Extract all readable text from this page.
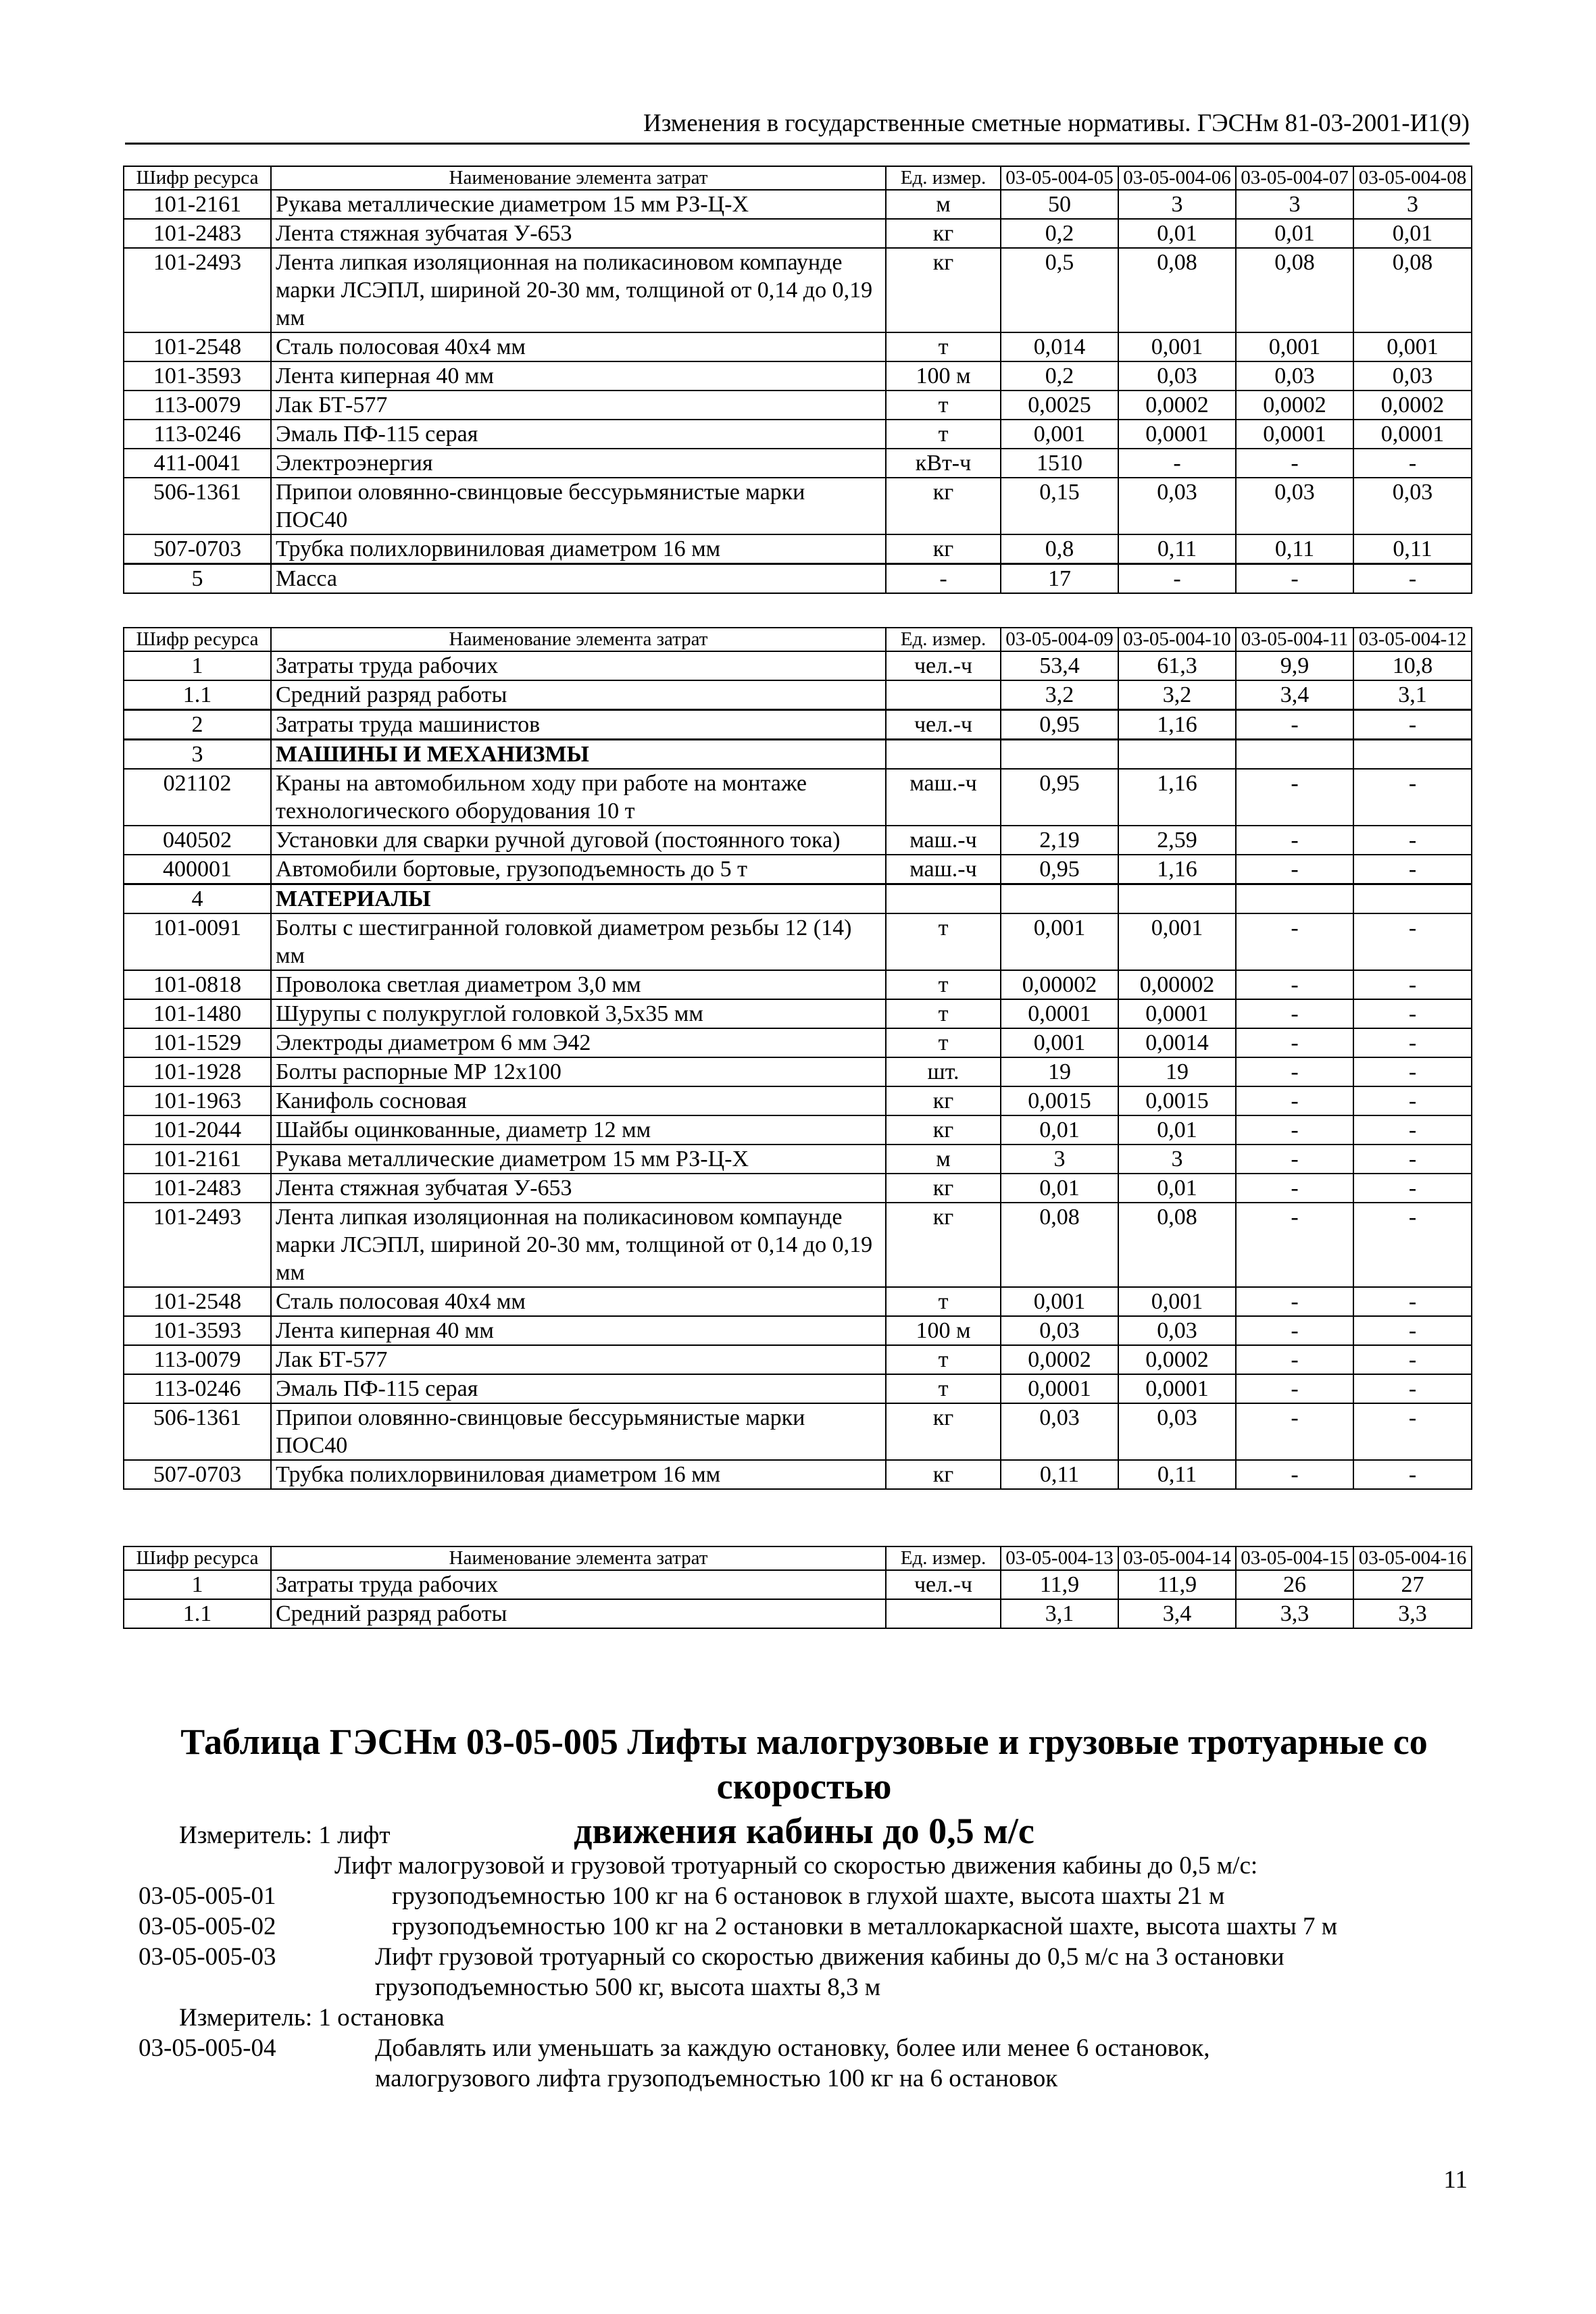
Изменения в государственные сметные нормативы. ГЭСНм 81-03-2001-И1(9)
Шифр ресурса	Наименование элемента затрат	Ед. измер.	03-05-004-05	03-05-004-06	03-05-004-07	03-05-004-08
101-2161	Рукава металлические диаметром 15 мм РЗ-Ц-Х	м	50	3	3	3
101-2483	Лента стяжная зубчатая У-653	кг	0,2	0,01	0,01	0,01
101-2493	Лента липкая изоляционная на поликасиновом компаунде марки ЛСЭПЛ, шириной 20-30 мм, толщиной от 0,14 до 0,19 мм	кг	0,5	0,08	0,08	0,08
101-2548	Сталь полосовая 40х4 мм	т	0,014	0,001	0,001	0,001
101-3593	Лента киперная 40 мм	100 м	0,2	0,03	0,03	0,03
113-0079	Лак БТ-577	т	0,0025	0,0002	0,0002	0,0002
113-0246	Эмаль ПФ-115 серая	т	0,001	0,0001	0,0001	0,0001
411-0041	Электроэнергия	кВт-ч	1510	-	-	-
506-1361	Припои оловянно-свинцовые бессурьмянистые марки ПОС40	кг	0,15	0,03	0,03	0,03
507-0703	Трубка полихлорвиниловая диаметром 16 мм	кг	0,8	0,11	0,11	0,11
5	Масса	-	17	-	-	-
Шифр ресурса	Наименование элемента затрат	Ед. измер.	03-05-004-09	03-05-004-10	03-05-004-11	03-05-004-12
1	Затраты труда рабочих	чел.-ч	53,4	61,3	9,9	10,8
1.1	Средний разряд работы		3,2	3,2	3,4	3,1
2	Затраты труда машинистов	чел.-ч	0,95	1,16	-	-
3	МАШИНЫ И МЕХАНИЗМЫ					
021102	Краны на автомобильном ходу при работе на монтаже технологического оборудования 10 т	маш.-ч	0,95	1,16	-	-
040502	Установки для сварки ручной дуговой (постоянного тока)	маш.-ч	2,19	2,59	-	-
400001	Автомобили бортовые, грузоподъемность до 5 т	маш.-ч	0,95	1,16	-	-
4	МАТЕРИАЛЫ					
101-0091	Болты с шестигранной головкой диаметром резьбы 12 (14) мм	т	0,001	0,001	-	-
101-0818	Проволока светлая диаметром 3,0 мм	т	0,00002	0,00002	-	-
101-1480	Шурупы с полукруглой головкой 3,5х35 мм	т	0,0001	0,0001	-	-
101-1529	Электроды диаметром 6 мм Э42	т	0,001	0,0014	-	-
101-1928	Болты распорные МР 12х100	шт.	19	19	-	-
101-1963	Канифоль сосновая	кг	0,0015	0,0015	-	-
101-2044	Шайбы оцинкованные, диаметр 12 мм	кг	0,01	0,01	-	-
101-2161	Рукава металлические диаметром 15 мм РЗ-Ц-Х	м	3	3	-	-
101-2483	Лента стяжная зубчатая У-653	кг	0,01	0,01	-	-
101-2493	Лента липкая изоляционная на поликасиновом компаунде марки ЛСЭПЛ, шириной 20-30 мм, толщиной от 0,14 до 0,19 мм	кг	0,08	0,08	-	-
101-2548	Сталь полосовая 40х4 мм	т	0,001	0,001	-	-
101-3593	Лента киперная 40 мм	100 м	0,03	0,03	-	-
113-0079	Лак БТ-577	т	0,0002	0,0002	-	-
113-0246	Эмаль ПФ-115 серая	т	0,0001	0,0001	-	-
506-1361	Припои оловянно-свинцовые бессурьмянистые марки ПОС40	кг	0,03	0,03	-	-
507-0703	Трубка полихлорвиниловая диаметром 16 мм	кг	0,11	0,11	-	-
Шифр ресурса	Наименование элемента затрат	Ед. измер.	03-05-004-13	03-05-004-14	03-05-004-15	03-05-004-16
1	Затраты труда рабочих	чел.-ч	11,9	11,9	26	27
1.1	Средний разряд работы		3,1	3,4	3,3	3,3
Таблица ГЭСНм 03-05-005 Лифты малогрузовые и грузовые тротуарные со скоростью
движения кабины до 0,5 м/с
Измеритель: 1 лифт
Лифт малогрузовой и грузовой тротуарный со скоростью движения кабины до 0,5 м/с:
03-05-005-01	грузоподъемностью 100 кг на 6 остановок в глухой шахте, высота шахты 21 м
03-05-005-02	грузоподъемностью 100 кг на 2 остановки в металлокаркасной шахте, высота шахты 7 м
03-05-005-03	Лифт грузовой тротуарный со скоростью движения кабины до 0,5 м/с на 3 остановки
грузоподъемностью 500 кг, высота шахты 8,3 м
Измеритель: 1 остановка
03-05-005-04	Добавлять или уменьшать за каждую остановку, более или менее 6 остановок,
малогрузового лифта грузоподъемностью 100 кг на 6 остановок
11
